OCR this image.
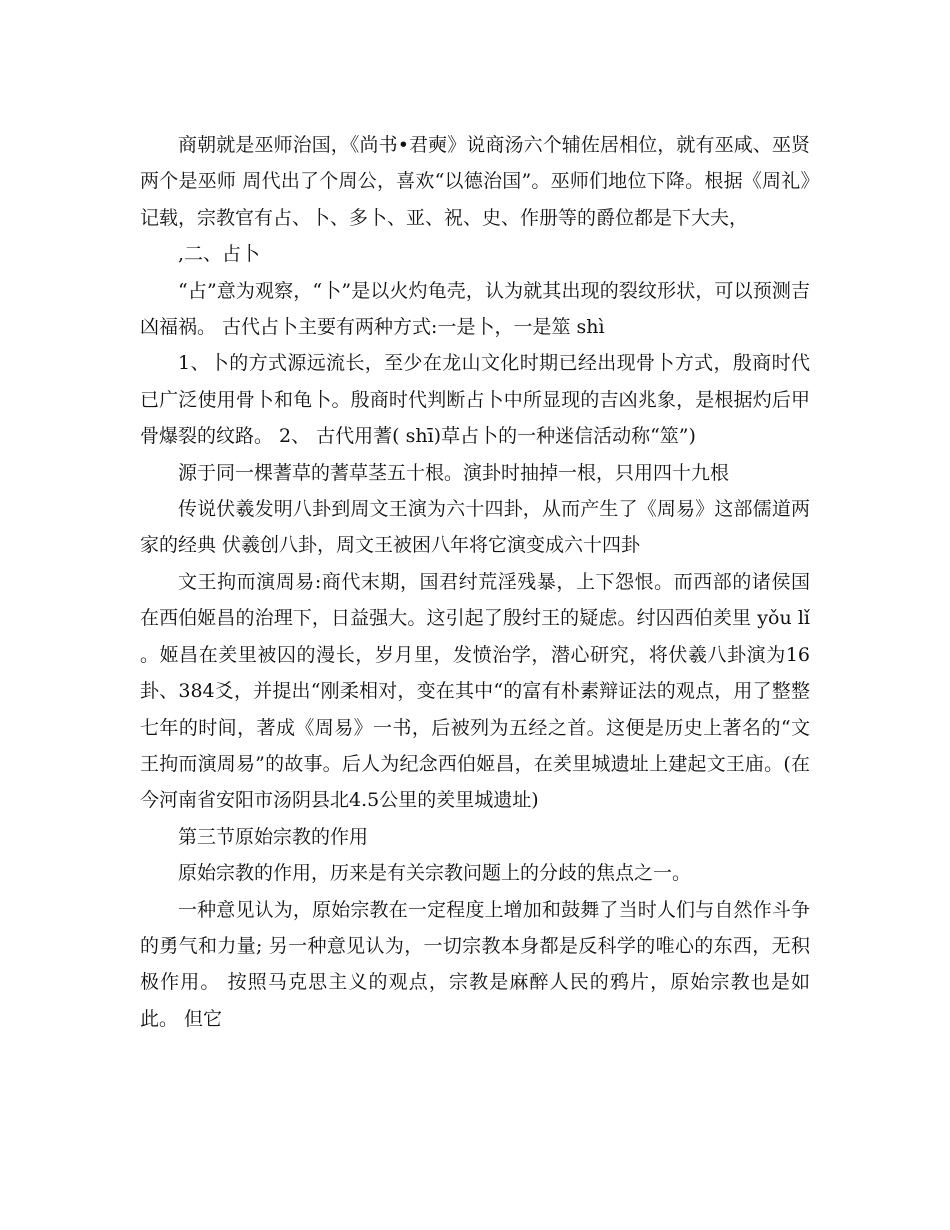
商朝就是巫师治国，《尚书•君奭》说商汤六个辅佐居相位，就有巫咸、巫贤两个是巫师 周代出了个周公，喜欢“以德治国”。巫师们地位下降。根据《周礼》记载，宗教官有占、卜、多卜、亚、祝、史、作册等的爵位都是下大夫，

,二、占卜

“占”意为观察，“卜”是以火灼龟壳，认为就其出现的裂纹形状，可以预测吉凶福祸。 古代占卜主要有两种方式:一是卜，一是筮 shì

1、卜的方式源远流长，至少在龙山文化时期已经出现骨卜方式，殷商时代已广泛使用骨卜和龟卜。殷商时代判断占卜中所显现的吉凶兆象，是根据灼后甲骨爆裂的纹路。 2、 古代用蓍( shī)草占卜的一种迷信活动称“筮”)

源于同一棵蓍草的蓍草茎五十根。演卦时抽掉一根，只用四十九根

传说伏羲发明八卦到周文王演为六十四卦，从而产生了《周易》这部儒道两家的经典 伏羲创八卦，周文王被困八年将它演变成六十四卦

文王拘而演周易:商代末期，国君纣荒淫残暴，上下怨恨。而西部的诸侯国在西伯姬昌的治理下，日益强大。这引起了殷纣王的疑虑。纣囚西伯羑里 yǒu lǐ 。姬昌在羑里被囚的漫长，岁月里，发愤治学，潜心研究，将伏羲八卦演为16卦、384爻，并提出“刚柔相对，变在其中“的富有朴素辩证法的观点，用了整整七年的时间，著成《周易》一书，后被列为五经之首。这便是历史上著名的“文王拘而演周易”的故事。后人为纪念西伯姬昌，在羑里城遗址上建起文王庙。(在今河南省安阳市汤阴县北4.5公里的羑里城遗址)

第三节原始宗教的作用

原始宗教的作用，历来是有关宗教问题上的分歧的焦点之一。

一种意见认为，原始宗教在一定程度上增加和鼓舞了当时人们与自然作斗争的勇气和力量; 另一种意见认为，一切宗教本身都是反科学的唯心的东西，无积极作用。 按照马克思主义的观点，宗教是麻醉人民的鸦片，原始宗教也是如此。 但它
